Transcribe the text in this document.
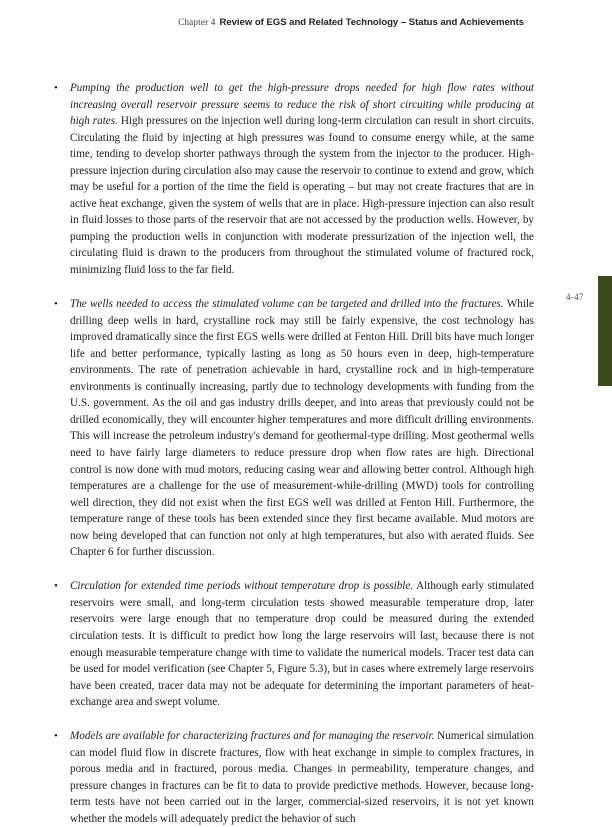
Chapter 4 Review of EGS and Related Technology – Status and Achievements
4-47

• Pumping the production well to get the high-pressure drops needed for high flow rates without increasing overall reservoir pressure seems to reduce the risk of short circuiting while producing at high rates. High pressures on the injection well during long-term circulation can result in short circuits. Circulating the fluid by injecting at high pressures was found to consume energy while, at the same time, tending to develop shorter pathways through the system from the injector to the producer. High-pressure injection during circulation also may cause the reservoir to continue to extend and grow, which may be useful for a portion of the time the field is operating – but may not create fractures that are in active heat exchange, given the system of wells that are in place. High-pressure injection can also result in fluid losses to those parts of the reservoir that are not accessed by the production wells. However, by pumping the production wells in conjunction with moderate pressurization of the injection well, the circulating fluid is drawn to the producers from throughout the stimulated volume of fractured rock, minimizing fluid loss to the far field.

• The wells needed to access the stimulated volume can be targeted and drilled into the fractures. While drilling deep wells in hard, crystalline rock may still be fairly expensive, the cost technology has improved dramatically since the first EGS wells were drilled at Fenton Hill. Drill bits have much longer life and better performance, typically lasting as long as 50 hours even in deep, high-temperature environments. The rate of penetration achievable in hard, crystalline rock and in high-temperature environments is continually increasing, partly due to technology developments with funding from the U.S. government. As the oil and gas industry drills deeper, and into areas that previously could not be drilled economically, they will encounter higher temperatures and more difficult drilling environments. This will increase the petroleum industry's demand for geothermal-type drilling. Most geothermal wells need to have fairly large diameters to reduce pressure drop when flow rates are high. Directional control is now done with mud motors, reducing casing wear and allowing better control. Although high temperatures are a challenge for the use of measurement-while-drilling (MWD) tools for controlling well direction, they did not exist when the first EGS well was drilled at Fenton Hill. Furthermore, the temperature range of these tools has been extended since they first became available. Mud motors are now being developed that can function not only at high temperatures, but also with aerated fluids. See Chapter 6 for further discussion.

• Circulation for extended time periods without temperature drop is possible. Although early stimulated reservoirs were small, and long-term circulation tests showed measurable temperature drop, later reservoirs were large enough that no temperature drop could be measured during the extended circulation tests. It is difficult to predict how long the large reservoirs will last, because there is not enough measurable temperature change with time to validate the numerical models. Tracer test data can be used for model verification (see Chapter 5, Figure 5.3), but in cases where extremely large reservoirs have been created, tracer data may not be adequate for determining the important parameters of heat-exchange area and swept volume.

• Models are available for characterizing fractures and for managing the reservoir. Numerical simulation can model fluid flow in discrete fractures, flow with heat exchange in simple to complex fractures, in porous media and in fractured, porous media. Changes in permeability, temperature changes, and pressure changes in fractures can be fit to data to provide predictive methods. However, because long-term tests have not been carried out in the larger, commercial-sized reservoirs, it is not yet known whether the models will adequately predict the behavior of such
